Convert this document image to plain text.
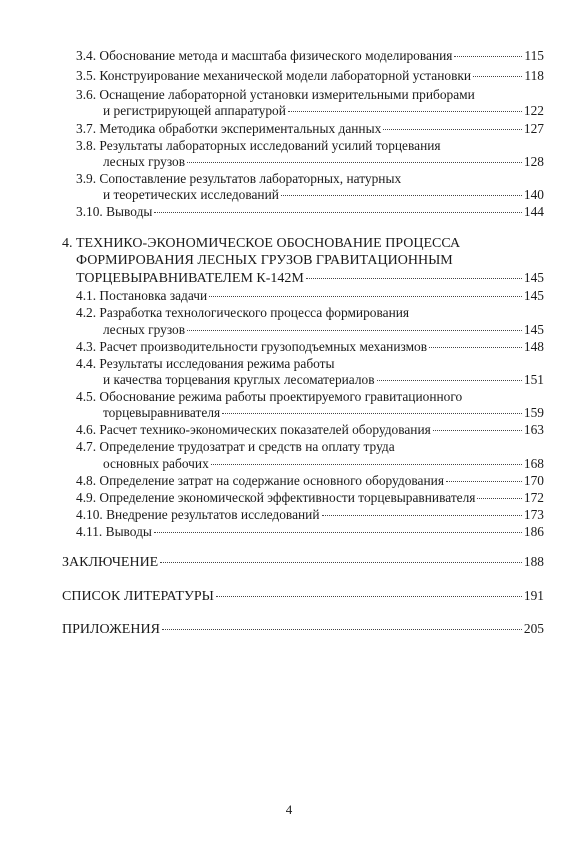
3.4. Обоснование метода и масштаба физического моделирования	115
3.5. Конструирование механической модели лабораторной установки	118
3.6. Оснащение лабораторной установки измерительными приборами
и регистрирующей аппаратурой	122
3.7. Методика обработки экспериментальных данных	127
3.8. Результаты лабораторных исследований усилий торцевания
лесных грузов	128
3.9. Сопоставление результатов лабораторных, натурных
и теоретических исследований	140
3.10. Выводы	144
4. ТЕХНИКО-ЭКОНОМИЧЕСКОЕ ОБОСНОВАНИЕ ПРОЦЕССА
ФОРМИРОВАНИЯ ЛЕСНЫХ ГРУЗОВ ГРАВИТАЦИОННЫМ
ТОРЦЕВЫРАВНИВАТЕЛЕМ К-142М	145
4.1. Постановка задачи	145
4.2. Разработка технологического процесса формирования
лесных грузов	145
4.3. Расчет производительности грузоподъемных механизмов	148
4.4. Результаты исследования режима работы
и качества торцевания круглых лесоматериалов	151
4.5. Обоснование режима работы проектируемого гравитационного
торцевыравнивателя	159
4.6. Расчет технико-экономических показателей оборудования	163
4.7. Определение трудозатрат и средств на оплату труда
основных рабочих	168
4.8. Определение затрат на содержание основного оборудования	170
4.9. Определение экономической эффективности торцевыравнивателя	172
4.10. Внедрение результатов исследований	173
4.11. Выводы	186
ЗАКЛЮЧЕНИЕ	188
СПИСОК ЛИТЕРАТУРЫ	191
ПРИЛОЖЕНИЯ	205
4
